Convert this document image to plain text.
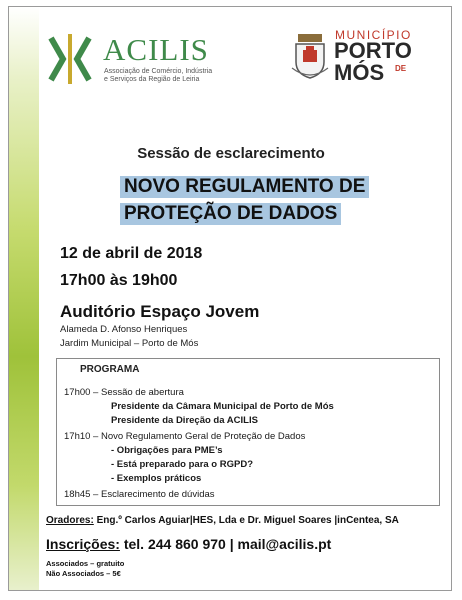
ACILIS
Associação de Comércio, Indústria
e Serviços da Região de Leiria
MUNICÍPIO
PORTO
MÓS	DE
Sessão de esclarecimento
NOVO REGULAMENTO DE
PROTEÇÃO DE DADOS
12 de abril de 2018
17h00 às 19h00
Auditório Espaço Jovem
Alameda D. Afonso Henriques
Jardim Municipal – Porto de Mós
PROGRAMA
17h00 – Sessão de abertura
Presidente da Câmara Municipal de Porto de Mós
Presidente da Direção da ACILIS
17h10 – Novo Regulamento Geral de Proteção de Dados
- Obrigações para PME’s
- Está preparado para o RGPD?
- Exemplos práticos
18h45 – Esclarecimento de dúvidas
Oradores: Eng.º Carlos Aguiar|HES, Lda e Dr. Miguel Soares |inCentea, SA
Inscrições: tel. 244 860 970 | mail@acilis.pt
Associados – gratuito
Não Associados – 5€
